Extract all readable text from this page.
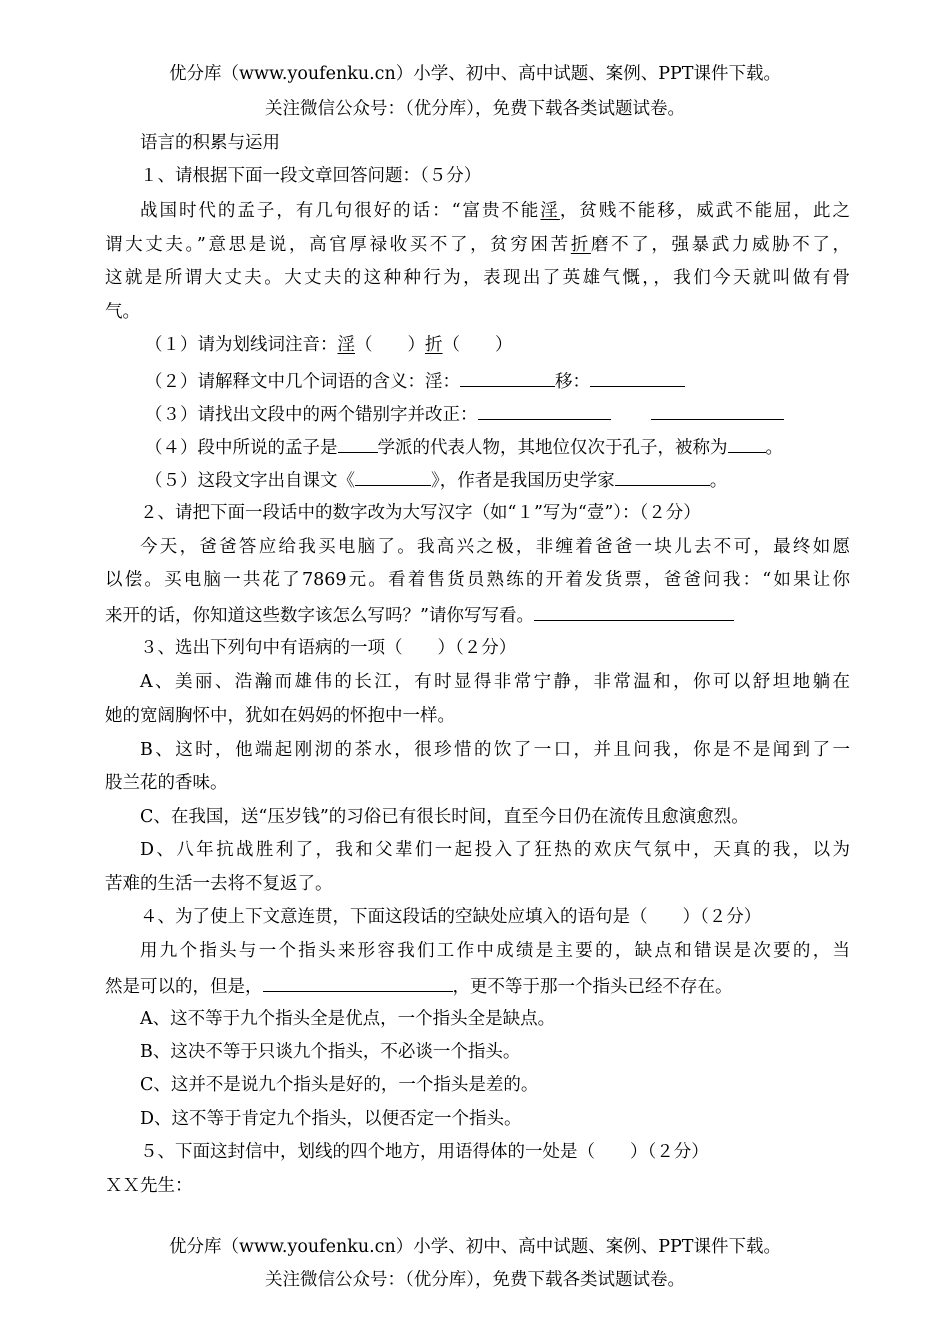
优分库（www.youfenku.cn）小学、初中、高中试题、案例、PPT课件下载。
关注微信公众号：（优分库），免费下载各类试题试卷。
语言的积累与运用
１、请根据下面一段文章回答问题：（５分）
战国时代的孟子，有几句很好的话：“富贵不能淫，贫贱不能移，威武不能屈，此之
谓大丈夫。”意思是说，高官厚禄收买不了，贫穷困苦折磨不了，强暴武力威胁不了，
这就是所谓大丈夫。大丈夫的这种种行为，表现出了英雄气慨，，我们今天就叫做有骨
气。
（１）请为划线词注音：淫（　　）折（　　）
（２）请解释文中几个词语的含义：淫：	移：
（３）请找出文段中的两个错别字并改正：
（４）段中所说的孟子是 学派的代表人物，其地位仅次于孔子，被称为 。
（５）这段文字出自课文《	》，作者是我国历史学家	。
２、请把下面一段话中的数字改为大写汉字（如“１”写为“壹”）：（２分）
今天，爸爸答应给我买电脑了。我高兴之极，非缠着爸爸一块儿去不可，最终如愿
以偿。买电脑一共花了7869元。看着售货员熟练的开着发货票，爸爸问我：“如果让你
来开的话，你知道这些数字该怎么写吗？”请你写写看。
３、选出下列句中有语病的一项（　　）（２分）
A、美丽、浩瀚而雄伟的长江，有时显得非常宁静，非常温和，你可以舒坦地躺在
她的宽阔胸怀中，犹如在妈妈的怀抱中一样。
B、这时，他端起刚沏的茶水，很珍惜的饮了一口，并且问我，你是不是闻到了一
股兰花的香味。
C、在我国，送“压岁钱”的习俗已有很长时间，直至今日仍在流传且愈演愈烈。
D、八年抗战胜利了，我和父辈们一起投入了狂热的欢庆气氛中，天真的我，以为
苦难的生活一去将不复返了。
４、为了使上下文意连贯，下面这段话的空缺处应填入的语句是（　　）（２分）
用九个指头与一个指头来形容我们工作中成绩是主要的，缺点和错误是次要的，当
然是可以的，但是，	，更不等于那一个指头已经不存在。
A、这不等于九个指头全是优点，一个指头全是缺点。
B、这决不等于只谈九个指头，不必谈一个指头。
C、这并不是说九个指头是好的，一个指头是差的。
D、这不等于肯定九个指头，以便否定一个指头。
５、下面这封信中，划线的四个地方，用语得体的一处是（　　）（２分）
ＸＸ先生：
优分库（www.youfenku.cn）小学、初中、高中试题、案例、PPT课件下载。
关注微信公众号：（优分库），免费下载各类试题试卷。
